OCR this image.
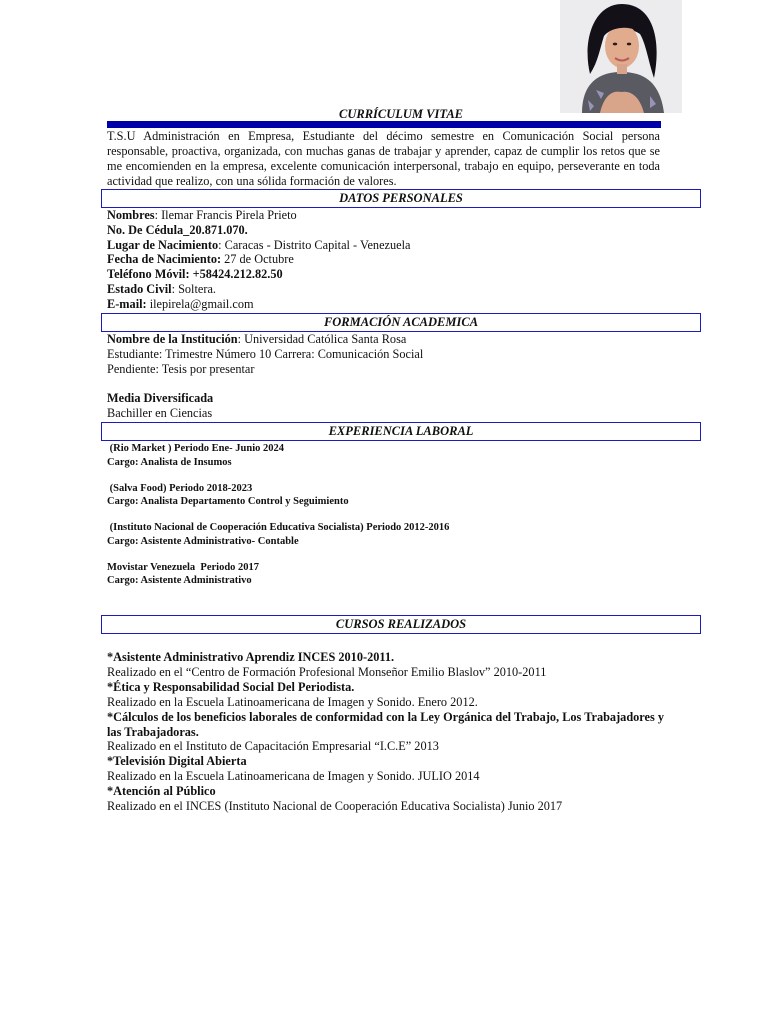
CURRÍCULUM VITAE

T.S.U Administración en Empresa, Estudiante del décimo semestre en Comunicación Social persona responsable, proactiva, organizada, con muchas ganas de trabajar y aprender, capaz de cumplir los retos que se me encomienden en la empresa, excelente comunicación interpersonal, trabajo en equipo, perseverante en toda actividad que realizo, con una sólida formación de valores.

DATOS PERSONALES
Nombres: Ilemar Francis Pirela Prieto
No. De Cédula_20.871.070.
Lugar de Nacimiento: Caracas - Distrito Capital - Venezuela
Fecha de Nacimiento: 27 de Octubre
Teléfono Móvil: +58424.212.82.50
Estado Civil: Soltera.
E-mail: ilepirela@gmail.com
FORMACIÓN ACADEMICA
Nombre de la Institución: Universidad Católica Santa Rosa
Estudiante: Trimestre Número 10 Carrera: Comunicación Social
Pendiente: Tesis por presentar
Media Diversificada
Bachiller en Ciencias
EXPERIENCIA LABORAL
(Rio Market ) Periodo Ene- Junio 2024
Cargo: Analista de Insumos
(Salva Food) Periodo 2018-2023
Cargo: Analista Departamento Control y Seguimiento
(Instituto Nacional de Cooperación Educativa Socialista) Periodo 2012-2016
Cargo: Asistente Administrativo- Contable
Movistar Venezuela  Periodo 2017
Cargo: Asistente Administrativo
CURSOS REALIZADOS
*Asistente Administrativo Aprendiz INCES 2010-2011.
Realizado en el “Centro de Formación Profesional Monseñor Emilio Blaslov” 2010-2011
*Ética y Responsabilidad Social Del Periodista.
Realizado en la Escuela Latinoamericana de Imagen y Sonido. Enero 2012.
*Cálculos de los beneficios laborales de conformidad con la Ley Orgánica del Trabajo, Los Trabajadores y las Trabajadoras.
Realizado en el Instituto de Capacitación Empresarial “I.C.E” 2013
*Televisión Digital Abierta
Realizado en la Escuela Latinoamericana de Imagen y Sonido. JULIO 2014
*Atención al Público
Realizado en el INCES (Instituto Nacional de Cooperación Educativa Socialista) Junio 2017
